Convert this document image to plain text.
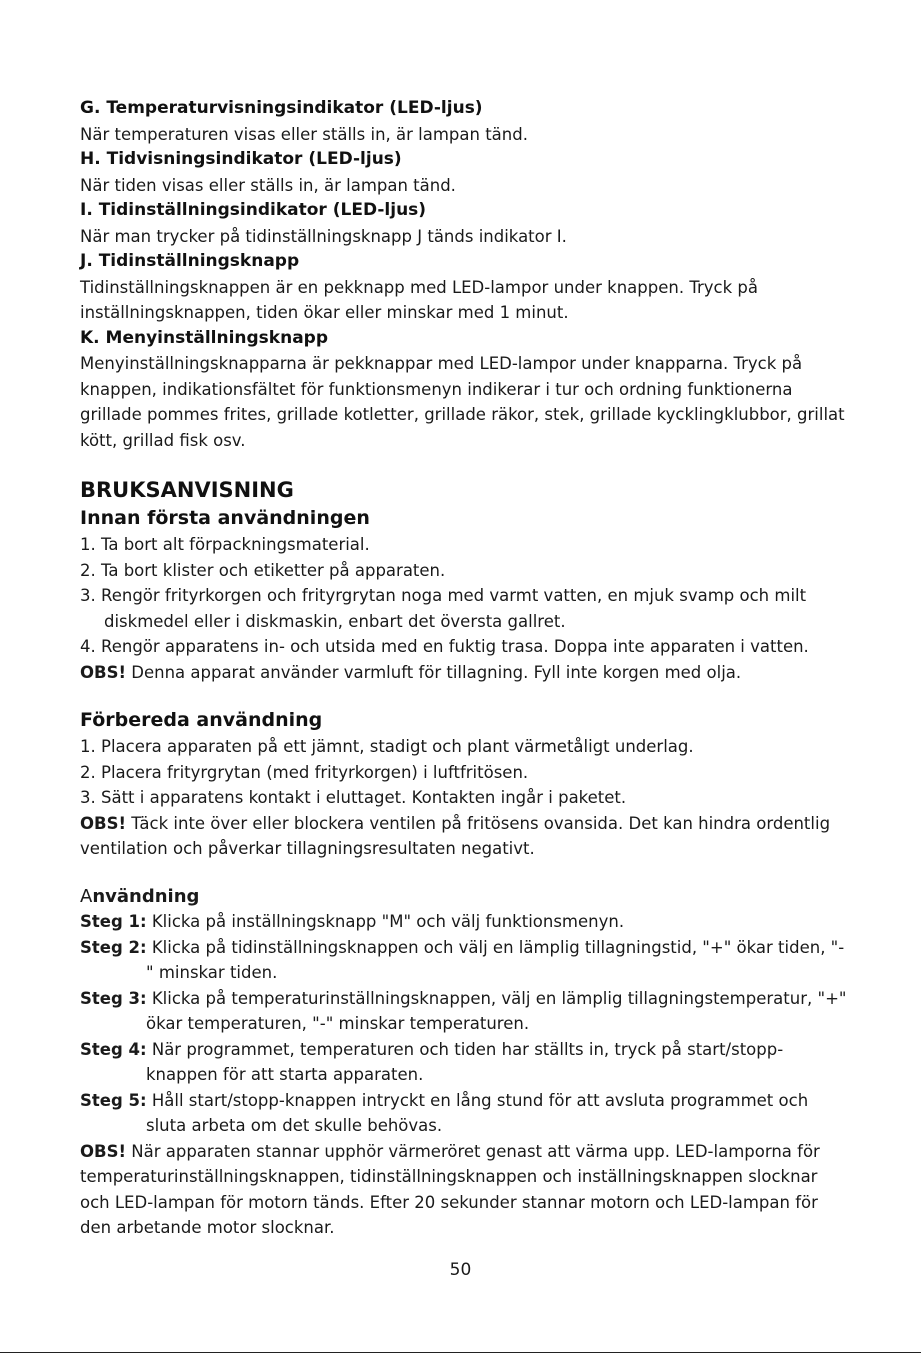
G. Temperaturvisningsindikator (LED-ljus)

När temperaturen visas eller ställs in, är lampan tänd.

H. Tidvisningsindikator (LED-ljus)

När tiden visas eller ställs in, är lampan tänd.

I. Tidinställningsindikator (LED-ljus)

När man trycker på tidinställningsknapp J tänds indikator I.

J. Tidinställningsknapp

Tidinställningsknappen är en pekknapp med LED-lampor under knappen. Tryck på inställningsknappen, tiden ökar eller minskar med 1 minut.

K. Menyinställningsknapp

Menyinställningsknapparna är pekknappar med LED-lampor under knapparna. Tryck på knappen, indikationsfältet för funktionsmenyn indikerar i tur och ordning funktionerna grillade pommes frites, grillade kotletter, grillade räkor, stek, grillade kycklingklubbor, grillat kött, grillad fisk osv.

BRUKSANVISNING

Innan första användningen

1. Ta bort alt förpackningsmaterial.

2. Ta bort klister och etiketter på apparaten.

3. Rengör frityrkorgen och frityrgrytan noga med varmt vatten, en mjuk svamp och milt diskmedel eller i diskmaskin, enbart det översta gallret.

4. Rengör apparatens in- och utsida med en fuktig trasa. Doppa inte apparaten i vatten.

OBS! Denna apparat använder varmluft för tillagning. Fyll inte korgen med olja.

Förbereda användning

1. Placera apparaten på ett jämnt, stadigt och plant värmetåligt underlag.

2. Placera frityrgrytan (med frityrkorgen) i luftfritösen.

3. Sätt i apparatens kontakt i eluttaget. Kontakten ingår i paketet.

OBS! Täck inte över eller blockera ventilen på fritösens ovansida. Det kan hindra ordentlig ventilation och påverkar tillagningsresultaten negativt.

Användning

Steg 1: Klicka på inställningsknapp "M" och välj funktionsmenyn.

Steg 2: Klicka på tidinställningsknappen och välj en lämplig tillagningstid, "+" ökar tiden, "-" minskar tiden.

Steg 3: Klicka på temperaturinställningsknappen, välj en lämplig tillagningstemperatur, "+" ökar temperaturen, "-" minskar temperaturen.

Steg 4: När programmet, temperaturen och tiden har ställts in, tryck på start/stopp-knappen för att starta apparaten.

Steg 5: Håll start/stopp-knappen intryckt en lång stund för att avsluta programmet och sluta arbeta om det skulle behövas.

OBS! När apparaten stannar upphör värmeröret genast att värma upp. LED-lamporna för temperaturinställningsknappen, tidinställningsknappen och inställningsknappen slocknar och LED-lampan för motorn tänds. Efter 20 sekunder stannar motorn och LED-lampan för den arbetande motor slocknar.

50
